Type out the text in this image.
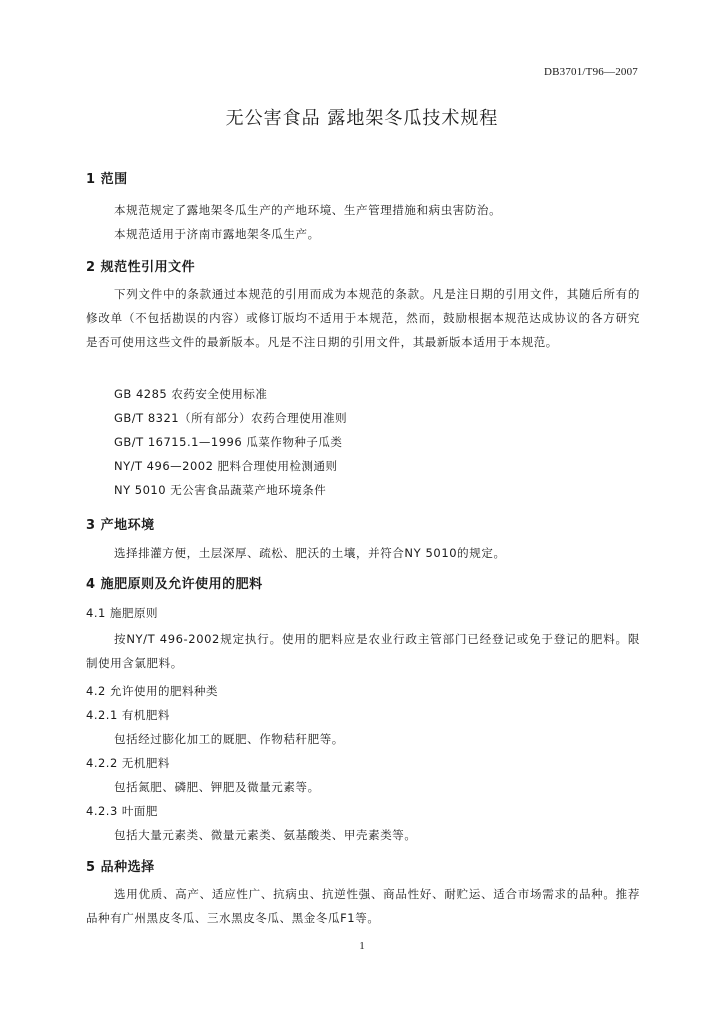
DB3701/T96—2007
无公害食品 露地架冬瓜技术规程
1 范围
本规范规定了露地架冬瓜生产的产地环境、生产管理措施和病虫害防治。
本规范适用于济南市露地架冬瓜生产。
2 规范性引用文件
下列文件中的条款通过本规范的引用而成为本规范的条款。凡是注日期的引用文件，其随后所有的修改单（不包括勘误的内容）或修订版均不适用于本规范，然而，鼓励根据本规范达成协议的各方研究是否可使用这些文件的最新版本。凡是不注日期的引用文件，其最新版本适用于本规范。
GB 4285 农药安全使用标准
GB/T 8321（所有部分）农药合理使用准则
GB/T 16715.1—1996 瓜菜作物种子瓜类
NY/T 496—2002 肥料合理使用检测通则
NY 5010 无公害食品蔬菜产地环境条件
3 产地环境
选择排灌方便，土层深厚、疏松、肥沃的土壤，并符合NY 5010的规定。
4 施肥原则及允许使用的肥料
4.1 施肥原则
按NY/T 496-2002规定执行。使用的肥料应是农业行政主管部门已经登记或免于登记的肥料。限制使用含氯肥料。
4.2 允许使用的肥料种类
4.2.1 有机肥料
包括经过膨化加工的厩肥、作物秸秆肥等。
4.2.2 无机肥料
包括氮肥、磷肥、钾肥及微量元素等。
4.2.3 叶面肥
包括大量元素类、微量元素类、氨基酸类、甲壳素类等。
5 品种选择
选用优质、高产、适应性广、抗病虫、抗逆性强、商品性好、耐贮运、适合市场需求的品种。推荐品种有广州黑皮冬瓜、三水黑皮冬瓜、黑金冬瓜F1等。
1
